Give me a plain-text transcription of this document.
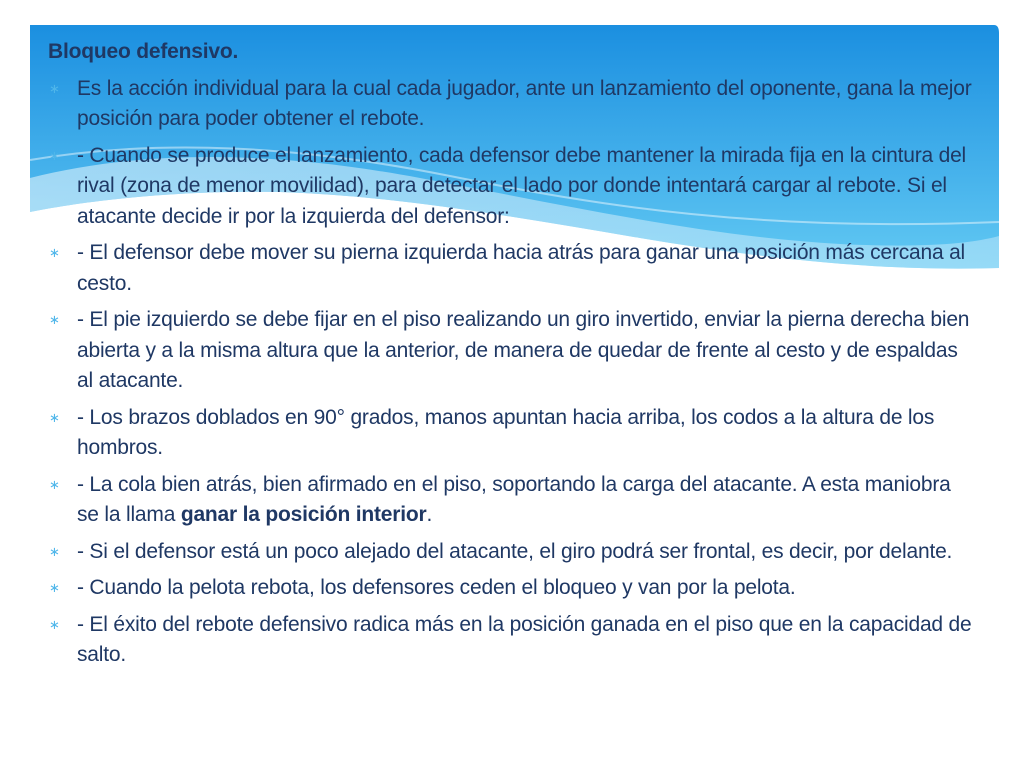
Bloqueo defensivo.

∗ Es la acción individual para la cual cada jugador, ante un lanzamiento del oponente, gana la mejor posición para poder obtener el rebote.

∗ - Cuando se produce el lanzamiento, cada defensor debe mantener la mirada fija en la cintura del rival (zona de menor movilidad), para detectar el lado por donde intentará cargar al rebote. Si el atacante decide ir por la izquierda del defensor:

∗ - El defensor debe mover su pierna izquierda hacia atrás para ganar una posición más cercana al cesto.

∗ - El pie izquierdo se debe fijar en el piso realizando un giro invertido, enviar la pierna derecha bien abierta y a la misma altura que la anterior, de manera de quedar de frente al cesto y de espaldas al atacante.

∗ - Los brazos doblados en 90° grados, manos apuntan hacia arriba, los codos a la altura de los hombros.

∗ - La cola bien atrás, bien afirmado en el piso, soportando la carga del atacante. A esta maniobra se la llama ganar la posición interior.

∗ - Si el defensor está un poco alejado del atacante, el giro podrá ser frontal, es decir, por delante.

∗ - Cuando la pelota rebota, los defensores ceden el bloqueo y van por la pelota.

∗ - El éxito del rebote defensivo radica más en la posición ganada en el piso que en la capacidad de salto.
